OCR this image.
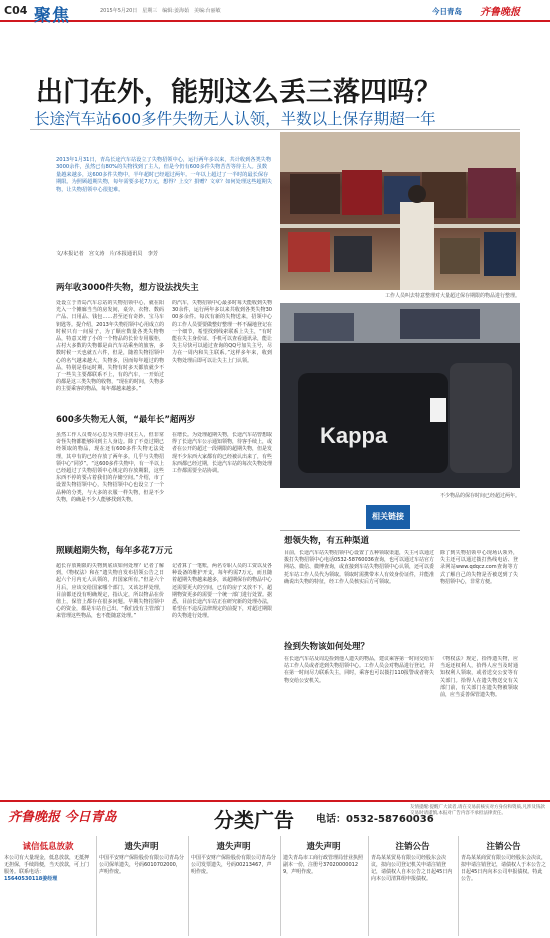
C04 聚焦	2015年5月20日　星期三　编辑:姜海茹　美编:台丽敏	今日青岛 齐鲁晚报
出门在外，能别这么丢三落四吗？
长途汽车站600多件失物无人认领，半数以上保存期超一年
2013年1月31日，青岛长途汽车站设立了失物招领中心，运行两年多以来，共计收到各类失物3000余件，虽然已有80%的失物找到了主人，但是今仍有600多件失物苦苦等待主人。虽数量越来越多，这600多件失物中，半年超时已经超过两年。一年以上超过了一半时的最长保存期限。为照顾超期失物，每年需要多花7万元，想得？上交？捐赠？文章？如何处理这些超期失物，让失物招领中心很犯难。
文/本报记者　宫文涛　片/本报通讯员　李芳
工作人员叫去特意整理对大量超过保存期限的物品进行整理。
两年收3000件失物，想方设法找失主
处设立于青岛汽车总站的失物招领中心，就在阳光入一个摊廊当当的房发间，桌旁、衣物、数码产品、日用品、钱包……甚至还有奇妙、宝马车钥匙等。提介绍，2013年失物招领中心用成立的时候只有一间屋子，为了顺应数量各类失物物品，特意又增了小的一个物品的长价专用服柜，占村大多数的失物都是由汽车站乘坐的旅客，多数时候一天也就五六件，但是，随着失物招领中心的名气越来越大，失物多，因而每年超过的物品，特别是春运时期，失物有时多天都放就少不了一些失主要都联系不上，有的汽车，一开始过的都是这三类失物的收物，“现在的时间，失物多的主要乘客的物品，每年都越来越多。”
的汽车，失物招领中心最多时每天能收到失物30余件，运行两年多以来共收到各类失物3000多余件。每次有新的失物送来，招领中心的工作人员要要做整好整理一杯不漏地登记在一个细节，希望找到线索联系上失主，“有时能在失主身份证、手机可以查看通讯录，能让失主尽快可以通过查询的QQ号加失主号，尽力在一周内和失主联系。”这样多年来，收到失物处理后即可以让失主上门认领。
Kappa
不少物品的保存时间已经超过两年。
600多失物无人领，“最年长”超两岁
虽然工作人员费尽心思为失物寻找主人，但非常奇怪失物都能够回到主人身边。除了不竟过期已经领取的物品，现在还有600多件失物无法处理，其中有的已经存放了两年多，几乎与失物招领中心“同岁”。“这600多件失物中，有一半以上已经超过了失物招领中心规定的存放期限，这些东西不停的要占着我们的存储空间。”介绍，市了设置失物招领中心，失物招领中心也设立了一个品种的分类，与大多的衣服一样失物，但是不少失物，的确是不少人能够找到失物。
在增长。为处理超期失物，长途汽车站曾想取得了长途汽车公示通知领物，待客手续上，或者在公开的超过一段期限的超期失物，但是发现不少东西大家都有的已经被认出来了，有些东西都已经过期，长途汽车站的每次失物处理工作都需要全站协调。
照顾超期失物，每年多花7万元
超长存放期限的失物到底该如何处理？记者了解到，《物权法》和在“遗失物自发布招领公告之日起六个月内无人认领的，归国家所有。”但是六个月后，应该交给国家哪个部门，又该怎样处理，目前都还没有明确规定，指认定，所以物品在价值上，保管上都存在很多问题。早期失物招领中心的资金，都是车站自己出，“我们没有主管部门来管理这些物品，也不能随意处理。”
记者算了一笔账，两名专职人员的工资以及各种设备的维护开支，每年约需7万元，而且随着超期失物越来越多，该超期保存的物品中心还需要更大的空间，已有的房子又放不下，超期物资更多的需要一个统一部门进行处置。据悉，目前长途汽车站正在研究新的处理办法，希望在不违反法律规定的前提下，对超过期限的失物进行处理。
相关链接
想领失物，有五种渠道
目前，长途汽车站失物招领中心设置了五种领取渠道，失主可以通过拨打失物招领中心电话0532-58760036查询，也可以通过车站官方网站、微信、微博查询，或直接到车站失物招领中心认领，还可以委托车站工作人员代为领取。领取时需携带本人有效身份证件，并能准确说出失物的特征，经工作人员核实后方可领取。
除了到失物招领中心现场认领外，失主还可以通过拨打热线电话、登录网站www.qdqcz.com查询等方式了解自己的失物是否被送到了失物招领中心，非常方便。
捡到失物该如何处理？
在长途汽车站及周边捡到他人遗失的物品，建议乘客第一时间交给车站工作人员或者送到失物招领中心。工作人员会对物品进行登记，并在第一时间尽力联系失主，同时，乘客也可以拨打110报警或者将失物交给公安机关。
《物权法》规定，拾得遗失物，应当返还权利人，拾得人应当及时通知权利人领取，或者送交公安等有关部门。拾得人在遗失物送交有关部门前，有关部门在遗失物被领取前，应当妥善保管遗失物。
齐鲁晚报 今日青岛	分类广告 电话：0532-58760036
友情提醒:提醒广大读者,请在交易前核实对方身份和资质,凡涉及钱款交易时请谨慎,本报对广告内容不承担法律责任。
诚信低息放款
本公司有大量现金，低息放款，无抵押无担保，手续简便，当天放款，可上门服务。联系电话：
15640530118姜经理
遗失声明
中国平安财产保险股份有限公司青岛分公司保单遗失，号码6010702000，声明作废。
遗失声明
中国平安财产保险股份有限公司青岛分公司发票遗失，号码00213467，声明作废。
遗失声明
遗失青岛市工商行政管理局营业执照副本一份，注册号370200000129，声明作废。
注销公告
青岛某某贸易有限公司经股东会决议，拟向公司登记机关申请注销登记，请债权人自本公告之日起45日内向本公司清算组申报债权。
注销公告
青岛某某商贸有限公司经股东会决议，拟申请注销登记，请债权人于本公告之日起45日内向本公司申报债权。特此公告。
